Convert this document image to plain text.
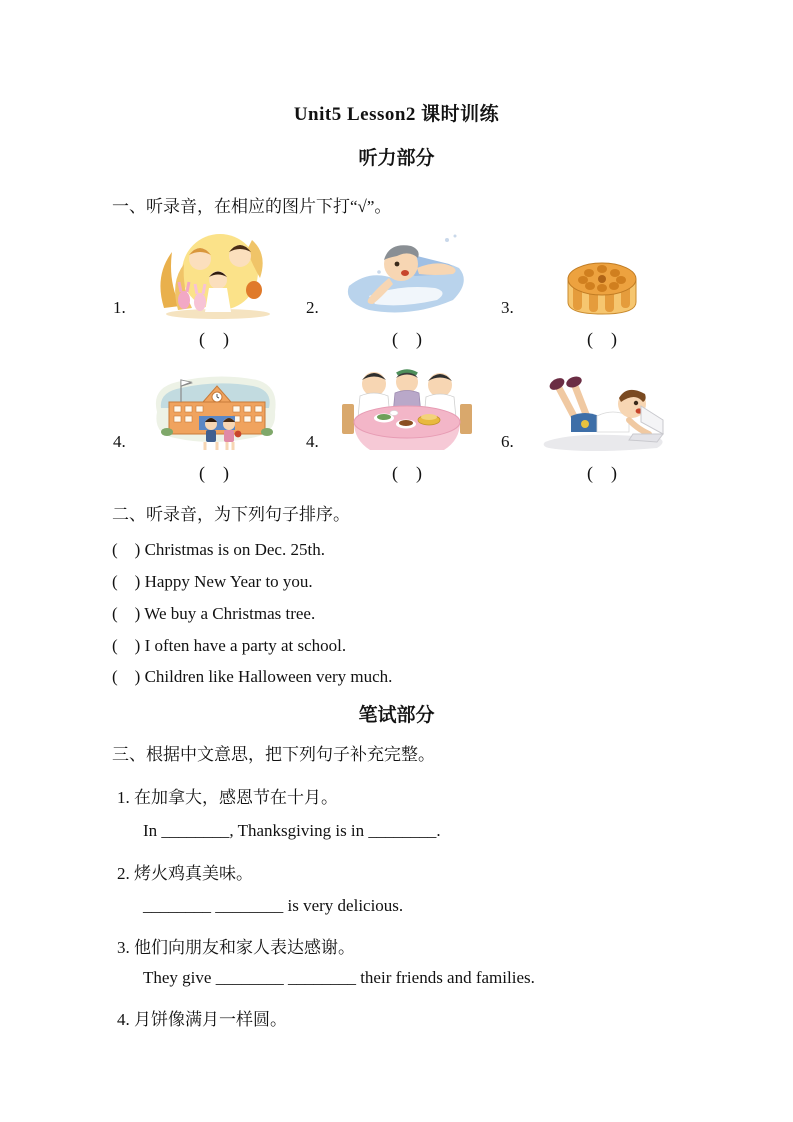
Unit5 Lesson2 课时训练
听力部分
一、听录音，在相应的图片下打“√”。
1.
(    )
2.
(    )
3.
(    )
4.
(    )
4.
(    )
6.
(    )
二、听录音，为下列句子排序。
(    ) Christmas is on Dec. 25th.
(    ) Happy New Year to you.
(    ) We buy a Christmas tree.
(    ) I often have a party at school.
(    ) Children like Halloween very much.
笔试部分
三、根据中文意思，把下列句子补充完整。
1. 在加拿大，感恩节在十月。
In ________, Thanksgiving is in ________.
2. 烤火鸡真美味。
________ ________ is very delicious.
3. 他们向朋友和家人表达感谢。
They give ________ ________ their friends and families.
4. 月饼像满月一样圆。
